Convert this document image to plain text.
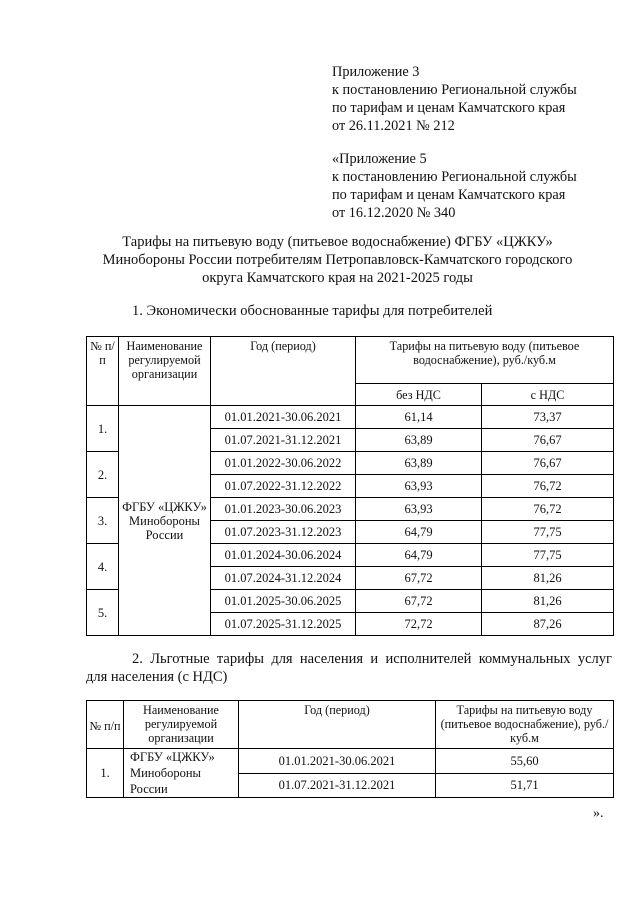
Приложение 3
к постановлению Региональной службы
по тарифам и ценам Камчатского края
от 26.11.2021 № 212
«Приложение 5
к постановлению Региональной службы
по тарифам и ценам Камчатского края
от 16.12.2020 № 340
Тарифы на питьевую воду (питьевое водоснабжение) ФГБУ «ЦЖКУ»
Минобороны России потребителям Петропавловск-Камчатского городского
округа Камчатского края на 2021-2025 годы
1. Экономически обоснованные тарифы для потребителей
№ п/п	Наименование регулируемой организации	Год (период)	Тарифы на питьевую воду (питьевое водоснабжение), руб./куб.м	
			без НДС	с НДС
1.	ФГБУ «ЦЖКУ» Минобороны России	01.01.2021-30.06.2021	61,14	73,37
		01.07.2021-31.12.2021	63,89	76,67
2.		01.01.2022-30.06.2022	63,89	76,67
		01.07.2022-31.12.2022	63,93	76,72
3.		01.01.2023-30.06.2023	63,93	76,72
		01.07.2023-31.12.2023	64,79	77,75
4.		01.01.2024-30.06.2024	64,79	77,75
		01.07.2024-31.12.2024	67,72	81,26
5.		01.01.2025-30.06.2025	67,72	81,26
		01.07.2025-31.12.2025	72,72	87,26
2. Льготные тарифы для населения и исполнителей коммунальных услуг
для населения (с НДС)
№ п/п	Наименование регулируемой организации	Год (период)	Тарифы на питьевую воду (питьевое водоснабжение), руб./куб.м
1.	ФГБУ «ЦЖКУ» Минобороны России	01.01.2021-30.06.2021	55,60
		01.07.2021-31.12.2021	51,71
».
